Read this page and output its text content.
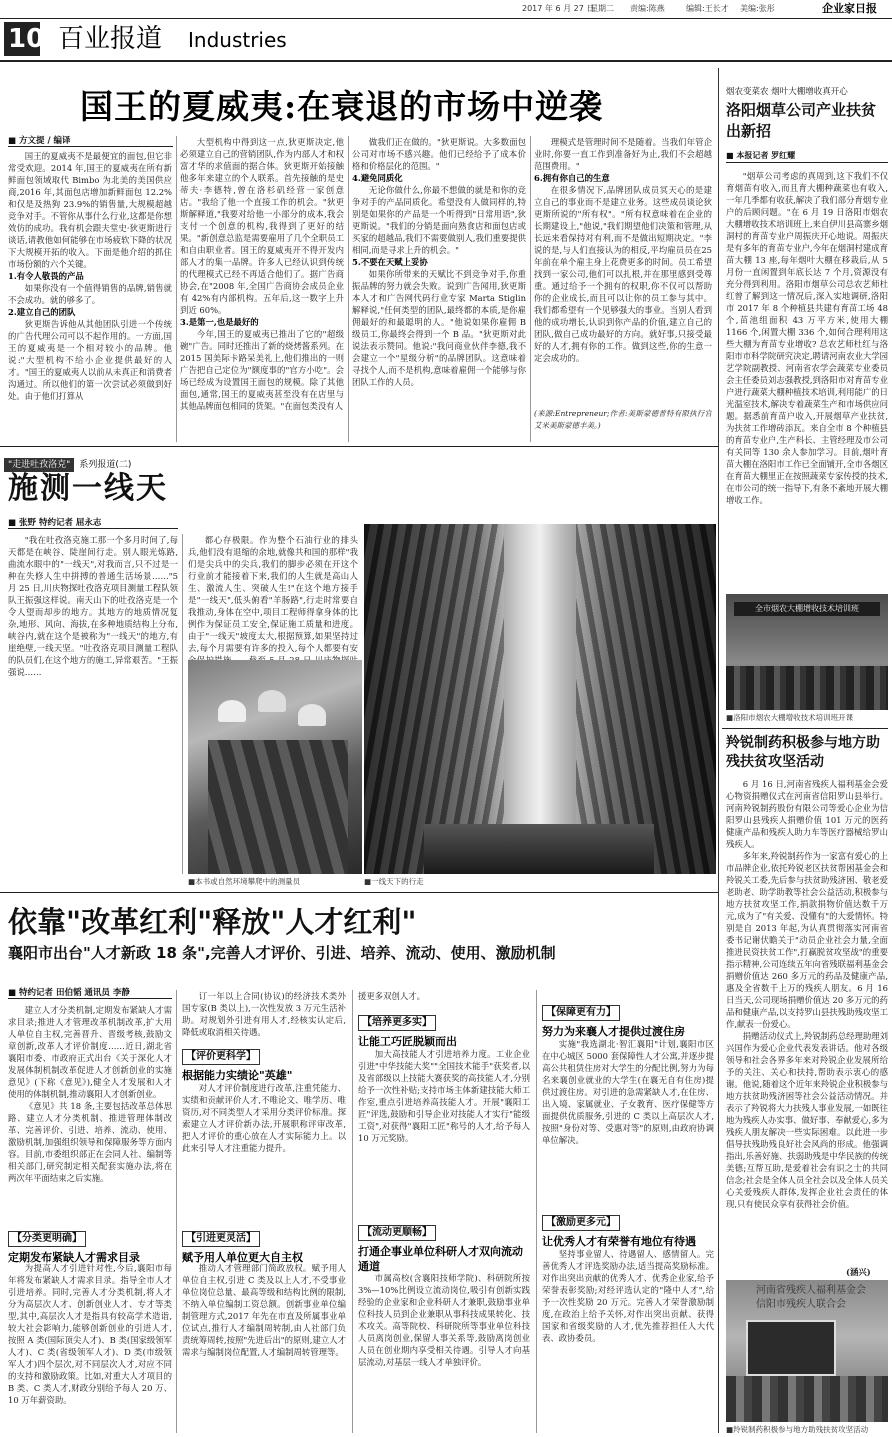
2017 年 6 月 27 日
星期二 责编:陈燕	编辑:王长才 美编:张彤	企业家日报
10 百业报道 Industries
国王的夏威夷:在衰退的市场中逆袭
■ 方文提 / 编译

国王的夏威夷不是最便宜的面包,但它非常受欢迎。2014 年,国王的夏威夷在所有新鲜面包领域取代 Bimbo 为北美的美国供应商,2016 年,其面包店增加新鲜面包 12.2%和仅是及热狗 23.9%的销售量,大规模超越竞争对手。不管你从事什么行业,这都是你想效仿的成功。我有机会跟夫堂史·狄更斯进行谈话,请教他如何能够在市场疲软下降的状况下大规模开拓的收入。下面是他介绍的抓住市场份额的六个关键。

1.有令人敬畏的产品

如果你没有一个值得销售的品牌,销售就不会成功。就的够多了。

2.建立自己的团队

狄更斯告诉他从其他团队引进一个传统的广告代理公司可以不起作用的。一方面,国王的夏威夷是一个相对较小的品牌。他说:"大型机构不给小企业提供最好的人才。"国王的夏威夷人以前从未真正和消费者沟通过。所以他们的第一次尝试必须做到好处。由于他们打算从

大型机构中得到这一点,狄更斯决定,他必须建立自己的营销团队,作为内部人才和权富才华的求值面的据合体。狄更斯开始接触他多年来建立的个人联系。首先接触的是史蒂夫·李德特,曾在洛杉矶经营一家创意店。"我给了他一个直接工作的机会。"狄更斯解释道,"我要对给他一小部分的成本,我会支付一个创意的机构,我得到了更好的结果。"新创意总监是需要雇用了几个全职员工和自由职业者。国王的夏威夷开不得开发内部人才的集一品牌。许多人已经认识到传统的代理模式已经不再适合他们了。据广告商协会,在"2008 年,全国广告商协会成员企业有 42%有内部机构。五年后,这一数字上升到近 60%。

3.是第一,也是最好的

今年,国王的夏威夷已推出了它的"超级碗"广告。同时还推出了新的烧烤酱系列。在 2015 国美际卡路呆美礼上,他们推出的一则广告把自己定位为"额度事的"官方小吃"。会场已经成为设置国王面包的规模。除了其他面包,通常,国王的夏威夷甚至没有在店里与其他品牌面包相同的货架。"在面包类没有人

做我们正在做的。"狄更斯说。大多数面包公司对市场不感兴趣。他们已经给予了成本价格和价格层化的范围。"

4.避免同质化

无论你做什么,你最不想做的就是和你的竞争对手的产品同质化。希望没有人做同样的,特别是如果你的产品是一个听得到"日常用语",狄更斯说。"我们的分销是面向熟食店和面包店或买家的超越品,我们不需要做别人,我们重要提供相同,而是寻求上升的机会。"

5.不要在天赋上妥协

如果你所带来的天赋比不到竞争对手,你重振品牌的努力就会失败。说到广告闻用,狄更斯本人才和广告网代码行业专家 Marta Stiglin 解释说,"任何类型的团队,最终都的本质,是你雇佣最好的和最聪明的人。"他说如果你雇佣 B 级员工,你最终会得到一个 B 品。"狄更斯对此说法表示赞同。他说:"我问商业伙伴李德,我不会建立一个"星级分析"的品牌团队。这意味着寻找个人,而不是机构,意味着雇佣一个能够与你团队工作的人员。

理模式是管理时间不是随着。当我们年管企业时,你要一直工作到准备好为止,我们不会超越范围费用。"

6.拥有你自己的生意

在很多情况下,品牌团队成员冥天心的是建立自己的事业而不是建立业务。这些成员谈论狄更斯所说的"所有权"。"所有权意味着在企业的长期建设上,"他说,"我们期望他们决策和管理,从长远来看保持对有利,而不是做出短期决定。"李说的是,与人们直接认为的相反,平均雇员员在25年前在单个雇主身上花费更多的时间。员工希望找到一家公司,他们可以扎根,并在那里感到受尊重。通过给予一个拥有的权职,你不仅可以帮助你的企业成长,而且可以让你的员工参与其中。我们都希望有一个见够强大的事业。当别人看到他的成功增长,认识到你产品的价值,建立自己的团队,做自己成功最好的方向。就好事,只接受最好的人才,拥有你的工作。做到这些,你的生意一定会成功的。

(来源:Entrepreneur;作者:美斯蒙德普特有限执行官 艾米美斯蒙德丰美。)
烟农变菜农 烟叶大棚增收真开心
洛阳烟草公司产业扶贫出新招
■ 本报记者 罗红耀

"烟草公司考虑的真周到,这下我们不仅育烟苗有收入,而且育大棚种蔬菜也有收入,一年几季都有收获,解决了我们部分育烟专业户的后顾问题。"在 6 月 19 日洛阳市烟农大棚增收技术培训班上,来自伊川县高寨乡烟洞村的育苗专业户周振庆开心地说。周振庆是有多年的育苗专业户,今年在烟洞村建成育苗大棚 13 座,每年烟叶大棚在移栽后,从 5 月份一直闲置到年底长达 7 个月,资源没有充分得到利用。洛阳市烟草公司总农艺师杜红曾了解到这一情况后,深入实地调研,洛阳市 2017 年 8 个种植县共建有育苗工场 48 个,苗池组面积 43 万平方米,使用大棚 1166 个,闲置大棚 336 个,如何合理利用这些大棚为育苗专业增收? 总农艺师杜红与洛阳市市科学院研究决定,聘请河南农业大学园艺学院副教授、河南省农学会蔬菜专业委员会主任委员刘志强教授,到洛阳市对育苗专业户进行蔬菜大棚种植技术培训,利用能广的日光温室技术,解决专着蔬菜生产和市场供应问题。据悉前育苗户收入,开展烟草产业扶贫,为扶贫工作增砖添瓦。来自全市 8 个种植县的育苗专业户,生产科长、主管经理及市公司有关同等 130 余人参加学习。目前,烟叶育苗大棚在洛阳市工作已全面铺开,全市各烟区在育苗大棚里正在按照蔬菜专家传授的技术,在市公司的统一指导下,有条不紊地开展大棚增收工作。

全市烟农大棚增收技术培训班
■洛阳市烟农大棚增收技术培训班开课
羚锐制药积极参与地方助残扶贫攻坚活动

6 月 16 日,河南省残疾人福利基金会爱心物资捐赠仪式在河南省信阳罗山县举行。河南羚锐制药股份有限公司等爱心企业为信阳罗山县残疾人捐赠价值 101 万元的医药健康产品和残疾人助力车等医疗器械给罗山残疾人。

多年来,羚锐制药作为一家富有爱心的上市品牌企业,依托羚锐老区扶贫帮困基金会和羚锐关工委,先后参与扶贫助残济困、敬老爱老助老、助学助教等社会公益活动,积极参与地方扶贫攻坚工作,捐款捐物价值达数千万元,成为了"有关爱、没懂有"的大爱情怀。特别是自 2013 年起,为认真贯彻落实河南省委书记谢伏瞻关于"动员企业社会力量,全面推进民资扶贫工作",打赢脱贫攻坚战"的重要指示精神,公司连续五年向省残联福利基金会捐赠价值达 260 多万元的药品及健康产品,惠及全省数千上万的残疾人朋友。6 月 16 日当天,公司现场捐赠价值达 20 多万元的药品和健康产品,以支持罗山县扶残助残攻坚工作,献表一份爱心。

捐赠活动仪式上,羚锐制药总经理助理刘兴国作为爱心企业代表发表讲话。他对各级领导和社会各界多年来对羚锐企业发展所给予的关注、关心和扶持,帮助表示衷心的感谢。他说,随着这个近年来羚锐企业积极参与地方扶贫助残济困等社会公益活动情况。并表示了羚锐将大力扶残人事业发展,一如既往地为残疾人办实事、做好事、奉献爱心,多为残疾人朋友解决一些实际困难。以此进一步倡导扶残助残良好社会风尚的形成。他强调指出,乐善好施、扶弱助残是中华民族的传统美德;互帮互助,是爱着社会有识之士的共同信念;社会是全体人员全社会以及全体人员关心关爱残疾人群体,发挥企业社会责任的体现,只有使民众享有获得社会价值。

(涵兴)
河南省残疾人福利基金会
信阳市残疾人联合会
■羚锐制药积极参与地方助残扶贫攻坚活动
"走进吐孜洛克" 系列报道(二)
施测一线天
■ 张野 特约记者 屈永志

"我在吐孜洛克施工那一个多月时间了,每天都是在峡谷、陡崖间行走。别人眼光炼路,曲流水眼中的"一线天",对我而言,只不过是一种在失修人生中拼搏的普通生活场景……"5 月 25 日,川庆物探吐孜洛克项目测量工程队领队王振强这样说。南天山下的吐孜洛克是一个令人望而却步的地方。其地方的地质情况复杂,地形、风向、海拔,在多种地质结构上分布,峡谷内,就在这个是被称为"一线天"的地方,有崖绝壁,一线天坚。"吐孜洛克项目测量工程队的队员们,在这个地方的施工,异常艰苦。"王振强说……

都心存极限。作为整个石油行业的排头兵,他们没有退缩的余地,就像共和国的那样"我们是尖兵中的尖兵,我们的脚步必须在开这个行业前才能接着下来,我们的人生就是高山人生、激流人生、突破人生!"在这个地方接手是"一线天",低头俯看"羊肠路",行走时常要自我推动,身体在空中,项目工程师得拿身体的比例作为保证员工安全,保证施工质量和进度。由于"一线天"坡度太大,根据预算,如果坚持过去,每个月需要有许多的投入,每个人都要有安

■本书或自然环境攀爬中的测量员	■一线天下的行走
依靠"改革红利"释放"人才红利"
襄阳市出台"人才新政 18 条",完善人才评价、引进、培养、流动、使用、激励机制
■ 特约记者 田伯韬 通讯员 李静

建立人才分类机制,定期发布紧缺人才需求目录;推进人才管理改革机制改革,扩大用人单位自主权,完善晋升、晋级考核,鼓励文章创新,改革人才评价制度……近日,湖北省襄阳市委、市政府正式出台《关于深化人才发展体制机制改革促进人才创新创业的实施意见》(下称《意见》),健全人才发展和人才使用的体制机制,推动襄阳人才创新创业。

《意见》共 18 条,主要包括改革总体思路、建立人才分类机制、推进管理体制改革、完善评价、引进、培养、流动、使用、激励机制,加强组织领导和保障服务等方面内容。目前,市委组织部正在会同人社、编制等相关部门,研究制定相关配套实施办法,将在两次年平面结束之后实施。

【分类更明确】
定期发布紧缺人才需求目录

为提高人才引进针对性,今后,襄阳市每年将发布紧缺人才需求目录。指导全市人才引进培养。同时,完善人才分类机制,将人才分为高层次人才、创新创业人才、专才等类型,其中,高层次人才是指具有较高学术造诣,较大社会影响力,能够创新创业的引进人才,按照 A 类(国际顶尖人才)、B 类(国家级领军人才)、C 类(省级领军人才)、D 类(市级领军人才)四个层次,对不同层次人才,对应不同的支持和激励政策。比如,对重大人才项目的 B 类、C 类人才,财政分别给予每人 20 万、10 万年薪资助。

订一年以上合同(协议)的经济技术类外国专家(B 类以上),一次性发放 3 万元生活补助。对规划外引进有用人才,经核实认定后,降低或取消相关待遇。

【评价更科学】
根据能力实绩论"英雄"

对人才评价制度进行改革,注重凭能力、实绩和贡献评价人才,不唯论文、唯学历、唯资历,对不同类型人才采用分类评价标准。探索建立人才评价新办法,开展职称评审改革,把人才评价的重心放在人才实际能力上。以此来引导人才注重能力提升。

【引进更灵活】
赋予用人单位更大自主权

推动人才管理部门简政放权。赋予用人单位自主权,引进 C 类及以上人才,不受事业单位岗位总量、最高等级和结构比例的限制,不纳入单位编制工资总额。创新事业单位编制管理方式,2017 年先在市直及所属事业单位试点,推行人才编制周转制,由人社部门负责统筹周转,按照"先进后出"的原则,建立人才需求与编制岗位配置,人才编制周转管理等。

援更多双创人才。

【培养更多实】
让能工巧匠脱颖而出

加大高技能人才引进培养力度。工业企业引进"中华技能大奖""全国技术能手"获奖者,以及省部级以上技能大赛获奖的高技能人才,分别给予一次性补贴;支持市场主体新建技能大师工作室,重点引进培养高技能人才。开展"襄阳工匠"评选,鼓励和引导企业对技能人才实行"能级工资",对获得"襄阳工匠"称号的人才,给予每人 10 万元奖励。

【流动更顺畅】
打通企事业单位科研人才双向流动通道

市属高校(含襄阳技师学院)、科研院所按 3%—10%比例设立流动岗位,吸引有创新实践经验的企业家和企业科研人才兼职,鼓励事业单位科技人员到企业兼职从事科技成果转化、技术攻关。高等院校、科研院所等事业单位科技人员离岗创业,保留人事关系等,鼓励离岗创业人员在创业期内享受相关待遇。引导人才向基层流动,对基层一线人才单独评价。

【保障更有力】
努力为来襄人才提供过渡住房

实施"我选湖北·智汇襄阳"计划,襄阳市区在中心城区 5000 套保障性人才公寓,并逐步提高公共租赁住房对大学生的分配比例,努力为每名来襄创业就业的大学生(在襄无自有住房)提供过渡住房。对引进的急需紧缺人才,在住房、出入境、家属就业、子女教育、医疗保健等方面提供优质服务,引进的 C 类以上高层次人才,按照"身份对等、受惠对等"的原则,由政府协调单位解决。

【激励更多元】
让优秀人才有荣誉有地位有待遇

坚持事业留人、待遇留人、感情留人。完善优秀人才评选奖励办法,适当提高奖励标准。对作出突出贡献的优秀人才、优秀企业家,给予荣誉表彰奖励;对经评选认定的"隆中人才",给予一次性奖励 20 万元。完善人才荣誉激励制度,在政治上给予关怀,对作出突出贡献、获得国家和省级奖励的人才,优先推荐担任人大代表、政协委员。
